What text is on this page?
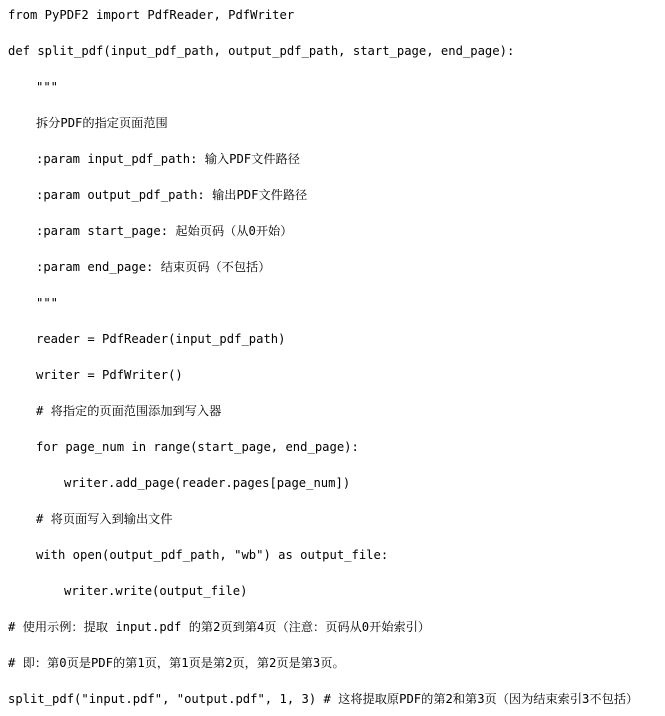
from PyPDF2 import PdfReader, PdfWriter
def split_pdf(input_pdf_path, output_pdf_path, start_page, end_page):
"""
拆分PDF的指定页面范围
:param input_pdf_path: 输入PDF文件路径
:param output_pdf_path: 输出PDF文件路径
:param start_page: 起始页码（从0开始）
:param end_page: 结束页码（不包括）
"""
reader = PdfReader(input_pdf_path)
writer = PdfWriter()
# 将指定的页面范围添加到写入器
for page_num in range(start_page, end_page):
writer.add_page(reader.pages[page_num])
# 将页面写入到输出文件
with open(output_pdf_path, "wb") as output_file:
writer.write(output_file)
# 使用示例：提取 input.pdf 的第2页到第4页（注意：页码从0开始索引）
# 即：第0页是PDF的第1页，第1页是第2页，第2页是第3页。
split_pdf("input.pdf", "output.pdf", 1, 3) # 这将提取原PDF的第2和第3页（因为结束索引3不包括）
